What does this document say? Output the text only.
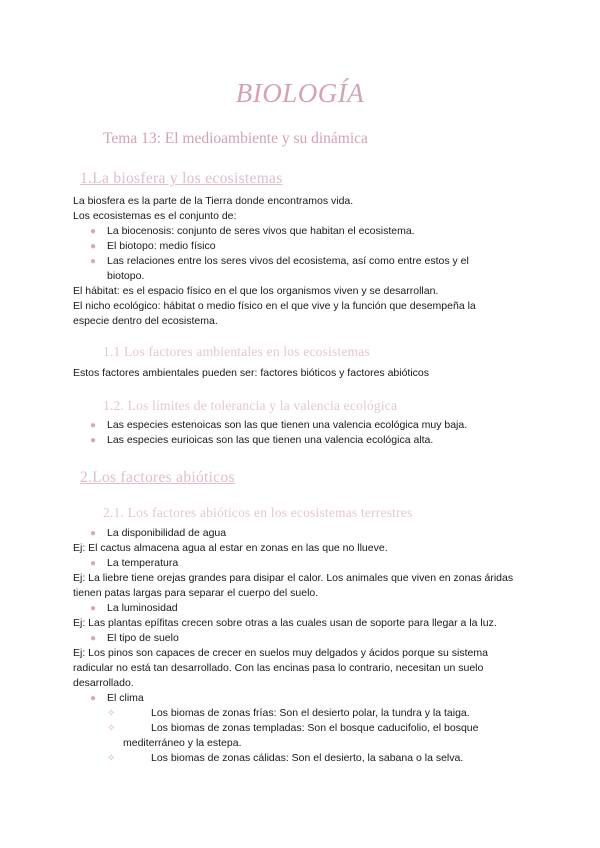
BIOLOGÍA
Tema 13: El medioambiente y su dinámica
1.La biosfera y los ecosistemas

La biosfera es la parte de la Tierra donde encontramos vida.

Los ecosistemas es el conjunto de:

● La biocenosis: conjunto de seres vivos que habitan el ecosistema.
● El biotopo: medio físico
● Las relaciones entre los seres vivos del ecosistema, así como entre estos y el biotopo.

El hábitat: es el espacio físico en el que los organismos viven y se desarrollan.

El nicho ecológico: hábitat o medio físico en el que vive y la función que desempeña la especie dentro del ecosistema.

1.1 Los factores ambientales en los ecosistemas

Estos factores ambientales pueden ser: factores bióticos y factores abióticos

1.2. Los límites de tolerancia y la valencia ecológica
● Las especies estenoicas son las que tienen una valencia ecológica muy baja.
● Las especies eurioicas son las que tienen una valencia ecológica alta.
2.Los factores abióticos
2.1. Los factores abióticos en los ecosistemas terrestres
● La disponibilidad de agua

Ej: El cactus almacena agua al estar en zonas en las que no llueve.

● La temperatura

Ej: La liebre tiene orejas grandes para disipar el calor. Los animales que viven en zonas áridas tienen patas largas para separar el cuerpo del suelo.

● La luminosidad

Ej: Las plantas epífitas crecen sobre otras a las cuales usan de soporte para llegar a la luz.

● El tipo de suelo

Ej: Los pinos son capaces de crecer en suelos muy delgados y ácidos porque su sistema radicular no está tan desarrollado. Con las encinas pasa lo contrario, necesitan un suelo desarrollado.

● El clima
✧	Los biomas de zonas frías: Son el desierto polar, la tundra y la taiga.
✧	Los biomas de zonas templadas: Son el bosque caducifolio, el bosque
mediterráneo y la estepa.
✧	Los biomas de zonas cálidas: Son el desierto, la sabana o la selva.
